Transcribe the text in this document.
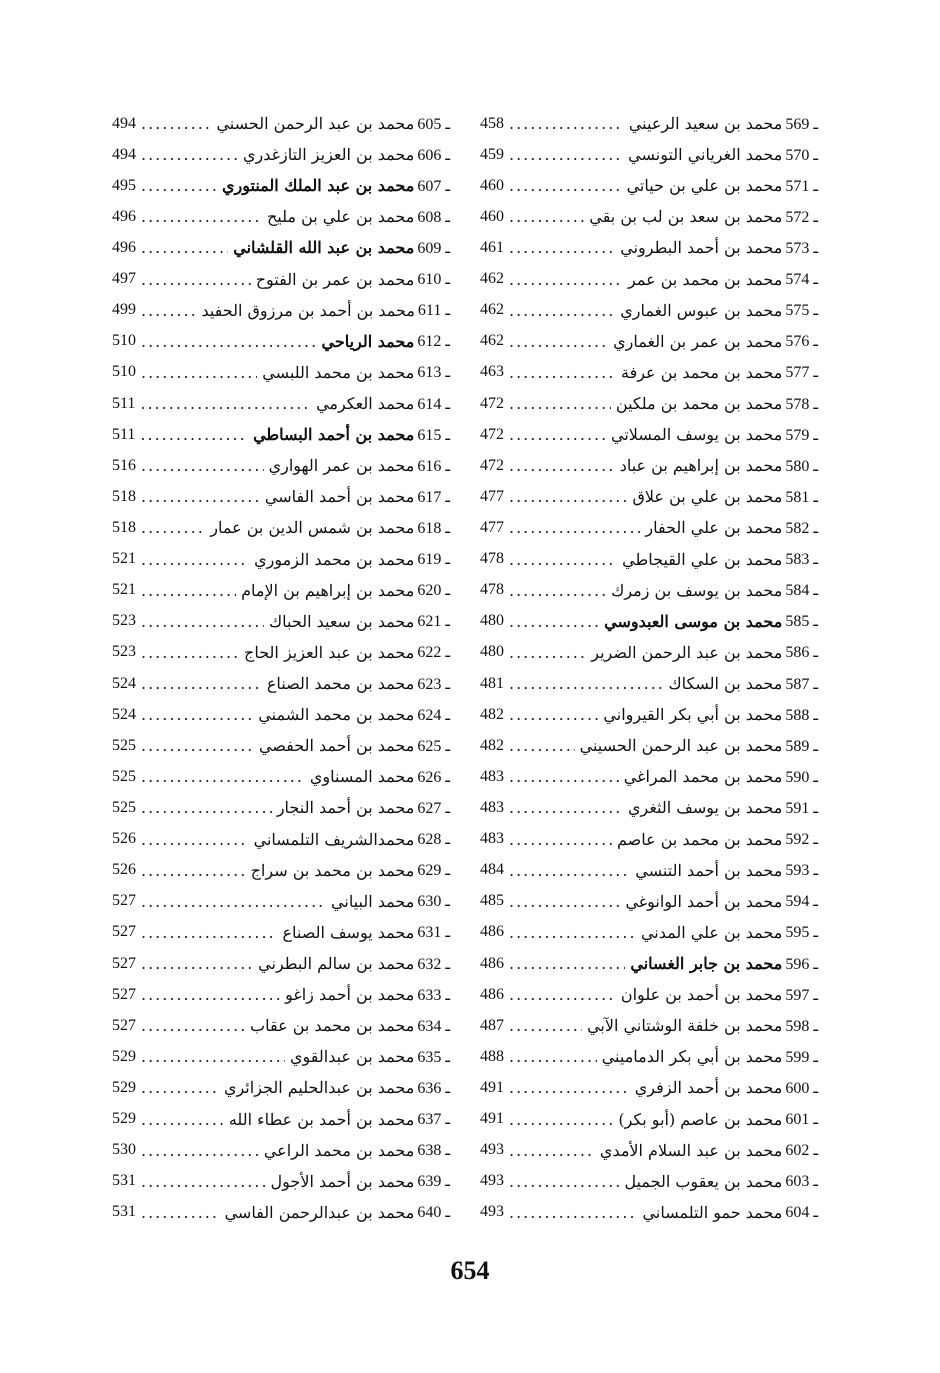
569 ـ
محمد بن سعيد الرعيني
.....
458
570 ـ
محمد الغرياني التونسي
.....
459
571 ـ
محمد بن علي بن حياتي
.....
460
572 ـ
محمد بن سعد بن لب بن بقي
.....
460
573 ـ
محمد بن أحمد البطروني
.....
461
574 ـ
محمد بن محمد بن عمر
.....
462
575 ـ
محمد بن عبوس الغماري
.....
462
576 ـ
محمد بن عمر بن الغماري
.....
462
577 ـ
محمد بن محمد بن عرفة
.....
463
578 ـ
محمد بن محمد بن ملكين
.....
472
579 ـ
محمد بن يوسف المسلاتي
.....
472
580 ـ
محمد بن إبراهيم بن عباد
.....
472
581 ـ
محمد بن علي بن علاق
.....
477
582 ـ
محمد بن علي الحفار
.....
477
583 ـ
محمد بن علي القيجاطي
.....
478
584 ـ
محمد بن يوسف بن زمرك
.....
478
585 ـ
محمد بن موسى العبدوسي
.....
480
586 ـ
محمد بن عبد الرحمن الضرير
.....
480
587 ـ
محمد بن السكاك
.....
481
588 ـ
محمد بن أبي بكر القيرواني
.....
482
589 ـ
محمد بن عبد الرحمن الحسيني
.....
482
590 ـ
محمد بن محمد المراغي
.....
483
591 ـ
محمد بن يوسف الثغري
.....
483
592 ـ
محمد بن محمد بن عاصم
.....
483
593 ـ
محمد بن أحمد التنسي
.....
484
594 ـ
محمد بن أحمد الوانوغي
.....
485
595 ـ
محمد بن علي المدني
.....
486
596 ـ
محمد بن جابر الغساني
.....
486
597 ـ
محمد بن أحمد بن علوان
.....
486
598 ـ
محمد بن خلفة الوشتاني الآبي
.....
487
599 ـ
محمد بن أبي بكر الدماميني
.....
488
600 ـ
محمد بن أحمد الزفري
.....
491
601 ـ
محمد بن عاصم (أبو بكر)
.....
491
602 ـ
محمد بن عبد السلام الأمدي
.....
493
603 ـ
محمد بن يعقوب الجميل
.....
493
604 ـ
محمد حمو التلمساني
.....
493
605 ـ
محمد بن عبد الرحمن الحسني
.....
494
606 ـ
محمد بن العزيز التازغدري
.....
494
607 ـ
محمد بن عبد الملك المنتوري
.....
495
608 ـ
محمد بن علي بن مليح
.....
496
609 ـ
محمد بن عبد الله القلشاني
.....
496
610 ـ
محمد بن عمر بن الفتوح
.....
497
611 ـ
محمد بن أحمد بن مرزوق الحفيد
.....
499
612 ـ
محمد الرياحي
.....
510
613 ـ
محمد بن محمد اللبسي
.....
510
614 ـ
محمد العكرمي
.....
511
615 ـ
محمد بن أحمد البساطي
.....
511
616 ـ
محمد بن عمر الهواري
.....
516
617 ـ
محمد بن أحمد الفاسي
.....
518
618 ـ
محمد بن شمس الدين بن عمار
.....
518
619 ـ
محمد بن محمد الزموري
.....
521
620 ـ
محمد بن إبراهيم بن الإمام
.....
521
621 ـ
محمد بن سعيد الحباك
.....
523
622 ـ
محمد بن عبد العزيز الحاج
.....
523
623 ـ
محمد بن محمد الصناع
.....
524
624 ـ
محمد بن محمد الشمني
.....
524
625 ـ
محمد بن أحمد الحفصي
.....
525
626 ـ
محمد المسناوي
.....
525
627 ـ
محمد بن أحمد النجار
.....
525
628 ـ
محمدالشريف التلمساني
.....
526
629 ـ
محمد بن محمد بن سراج
.....
526
630 ـ
محمد البياني
.....
527
631 ـ
محمد يوسف الصناع
.....
527
632 ـ
محمد بن سالم البطرني
.....
527
633 ـ
محمد بن أحمد زاغو
.....
527
634 ـ
محمد بن محمد بن عقاب
.....
527
635 ـ
محمد بن عبدالقوي
.....
529
636 ـ
محمد بن عبدالحليم الجزائري
.....
529
637 ـ
محمد بن أحمد بن عطاء الله
.....
529
638 ـ
محمد بن محمد الراعي
.....
530
639 ـ
محمد بن أحمد الأجول
.....
531
640 ـ
محمد بن عبدالرحمن الفاسي
.....
531
654
